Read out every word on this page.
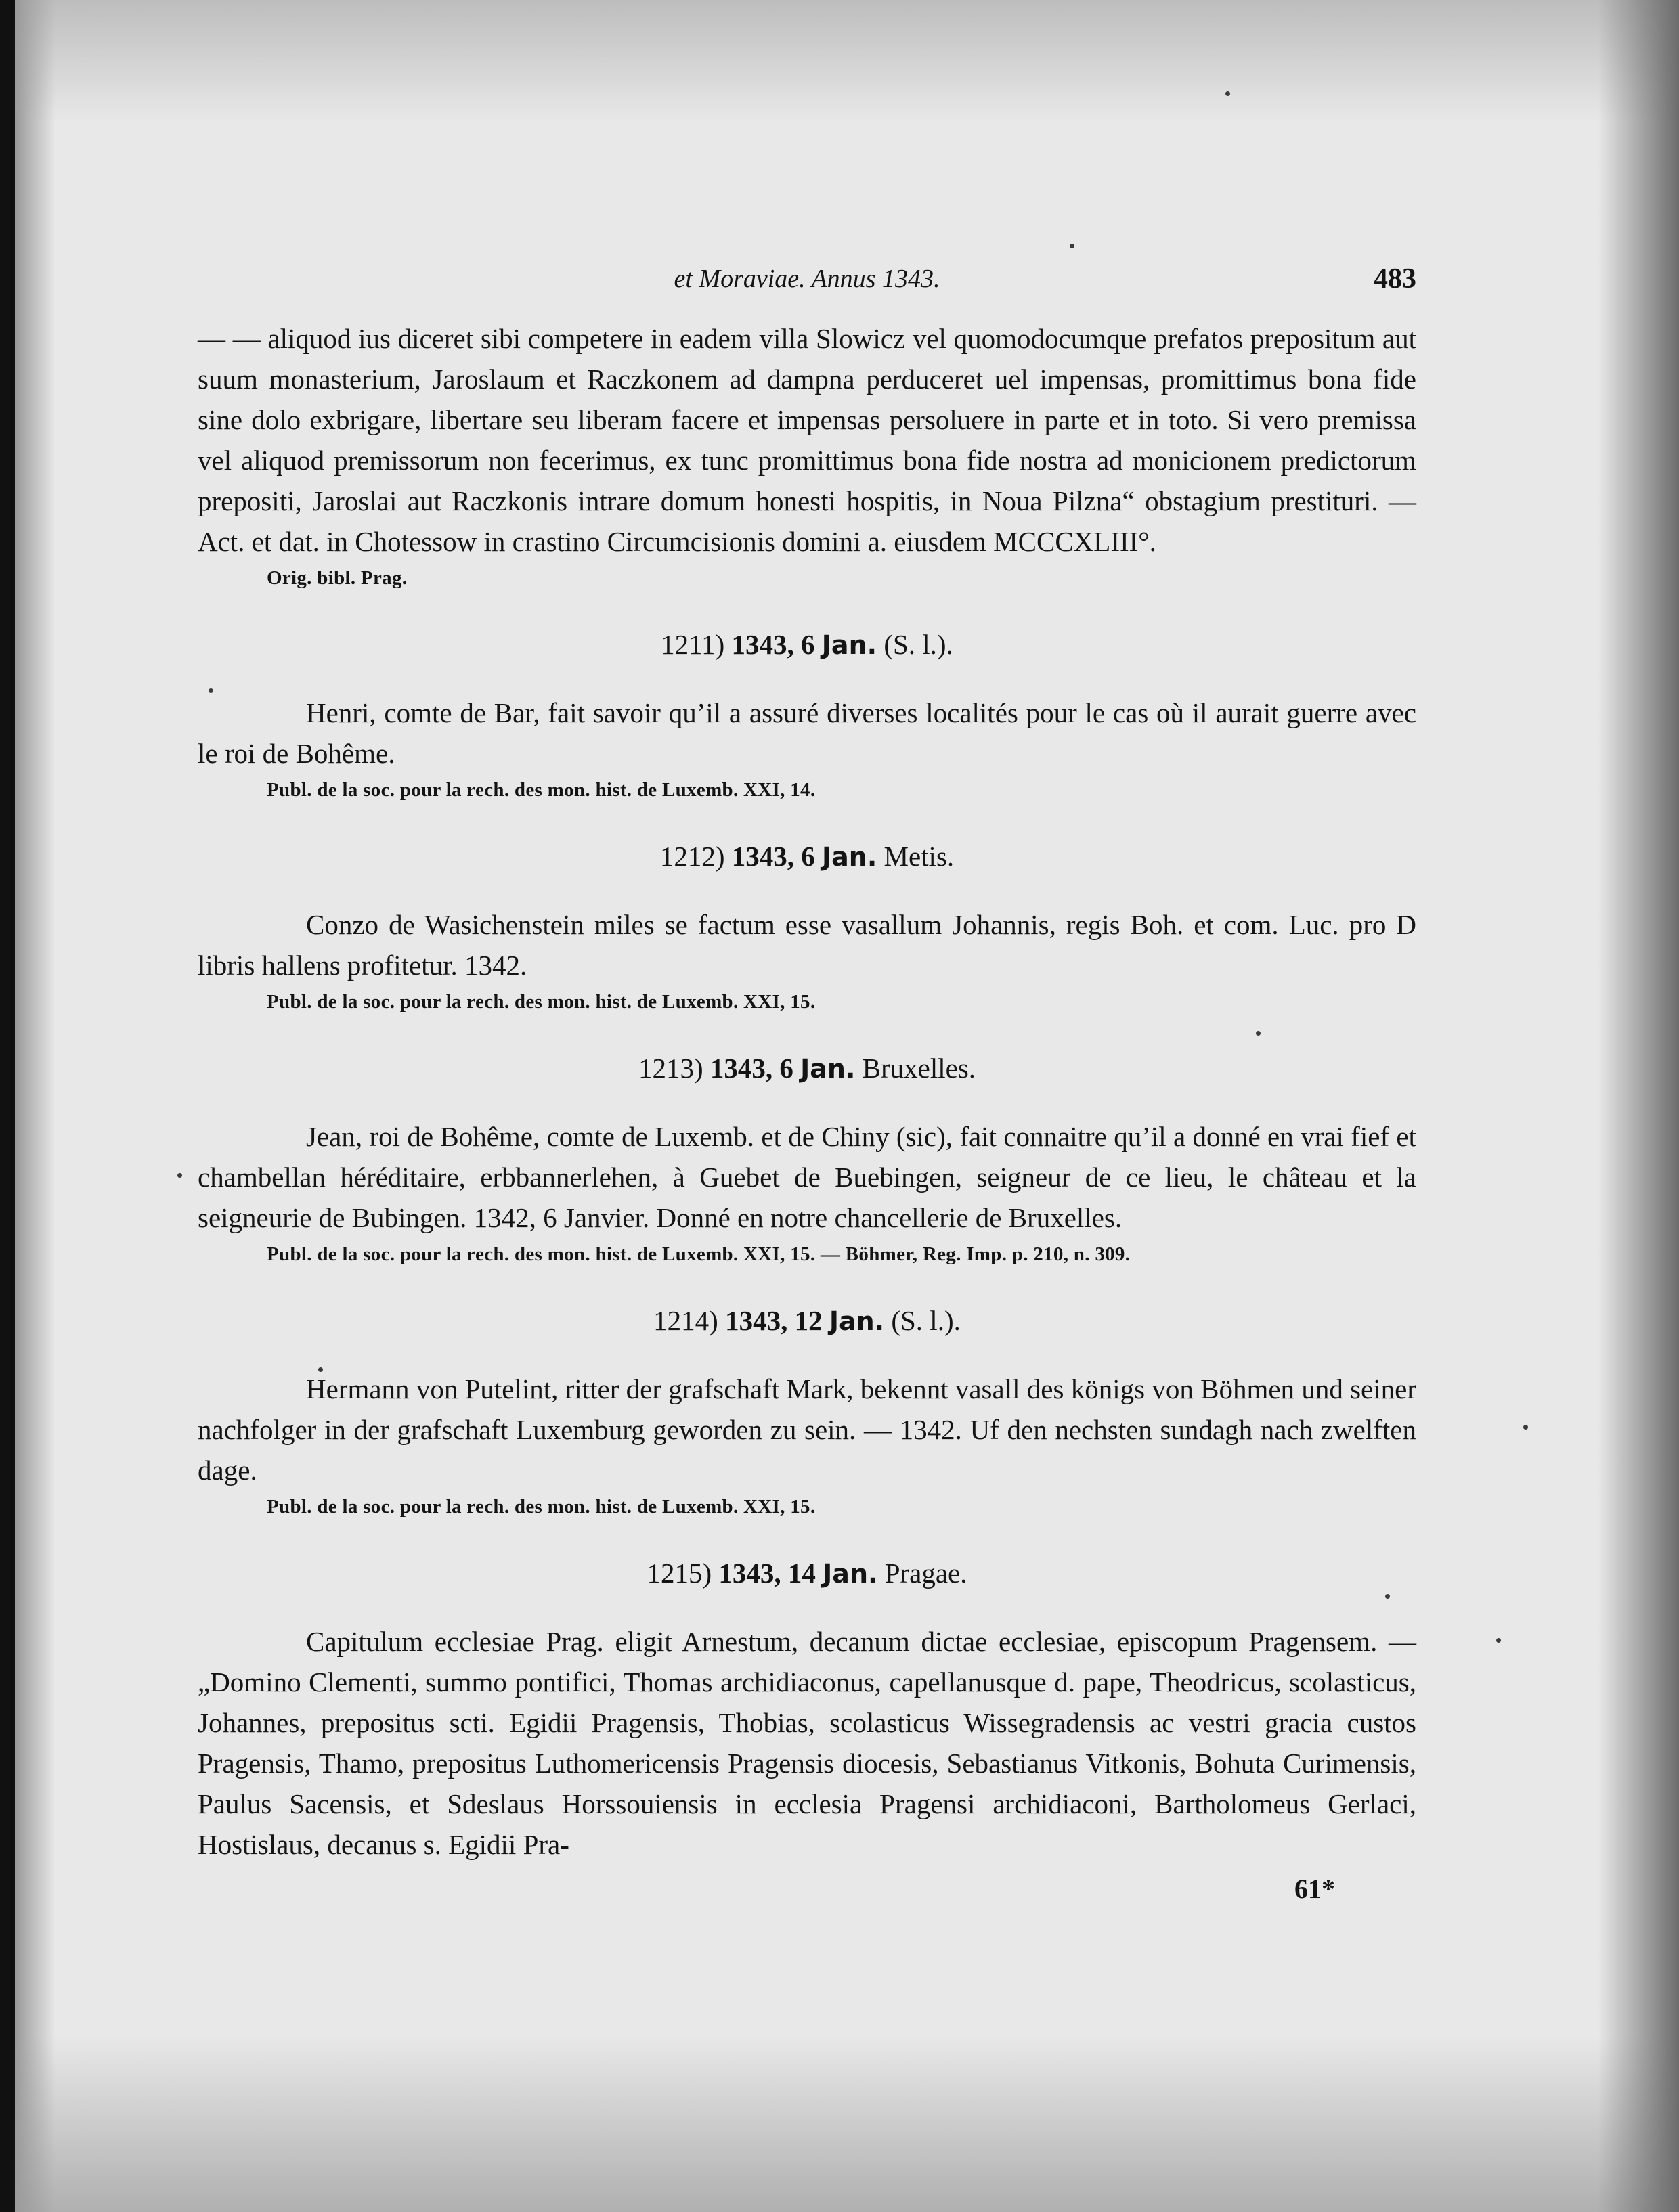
et Moraviae. Annus 1343.	483

— — aliquod ius diceret sibi competere in eadem villa Slowicz vel quomodocumque prefatos prepositum aut suum monasterium, Jaroslaum et Raczkonem ad dampna perduceret uel impensas, promittimus bona fide sine dolo exbrigare, libertare seu liberam facere et impensas persoluere in parte et in toto. Si vero premissa vel aliquod premissorum non fecerimus, ex tunc promittimus bona fide nostra ad monicionem predictorum prepositi, Jaroslai aut Raczkonis intrare domum honesti hospitis, in Noua Pilzna“ obstagium prestituri. — Act. et dat. in Chotessow in crastino Circumcisionis domini a. eiusdem MCCCXLIII°.

Orig. bibl. Prag.

1211) 1343, 6 Jan. (S. l.).

Henri, comte de Bar, fait savoir qu’il a assuré diverses localités pour le cas où il aurait guerre avec le roi de Bohême.

Publ. de la soc. pour la rech. des mon. hist. de Luxemb. XXI, 14.

1212) 1343, 6 Jan. Metis.

Conzo de Wasichenstein miles se factum esse vasallum Johannis, regis Boh. et com. Luc. pro D libris hallens profitetur. 1342.

Publ. de la soc. pour la rech. des mon. hist. de Luxemb. XXI, 15.

1213) 1343, 6 Jan. Bruxelles.

Jean, roi de Bohême, comte de Luxemb. et de Chiny (sic), fait connaitre qu’il a donné en vrai fief et chambellan héréditaire, erbbannerlehen, à Guebet de Buebingen, seigneur de ce lieu, le château et la seigneurie de Bubingen. 1342, 6 Janvier. Donné en notre chancellerie de Bruxelles.

Publ. de la soc. pour la rech. des mon. hist. de Luxemb. XXI, 15. — Böhmer, Reg. Imp. p. 210, n. 309.

1214) 1343, 12 Jan. (S. l.).

Hermann von Putelint, ritter der grafschaft Mark, bekennt vasall des königs von Böhmen und seiner nachfolger in der grafschaft Luxemburg geworden zu sein. — 1342. Uf den nechsten sundagh nach zwelften dage.

Publ. de la soc. pour la rech. des mon. hist. de Luxemb. XXI, 15.

1215) 1343, 14 Jan. Pragae.

Capitulum ecclesiae Prag. eligit Arnestum, decanum dictae ecclesiae, episcopum Pragensem. — „Domino Clementi, summo pontifici, Thomas archidiaconus, capellanusque d. pape, Theodricus, scolasticus, Johannes, prepositus scti. Egidii Pragensis, Thobias, scolasticus Wissegradensis ac vestri gracia custos Pragensis, Thamo, prepositus Luthomericensis Pragensis diocesis, Sebastianus Vitkonis, Bohuta Curimensis, Paulus Sacensis, et Sdeslaus Horssouiensis in ecclesia Pragensi archidiaconi, Bartholomeus Gerlaci, Hostislaus, decanus s. Egidii Pra-

61*
